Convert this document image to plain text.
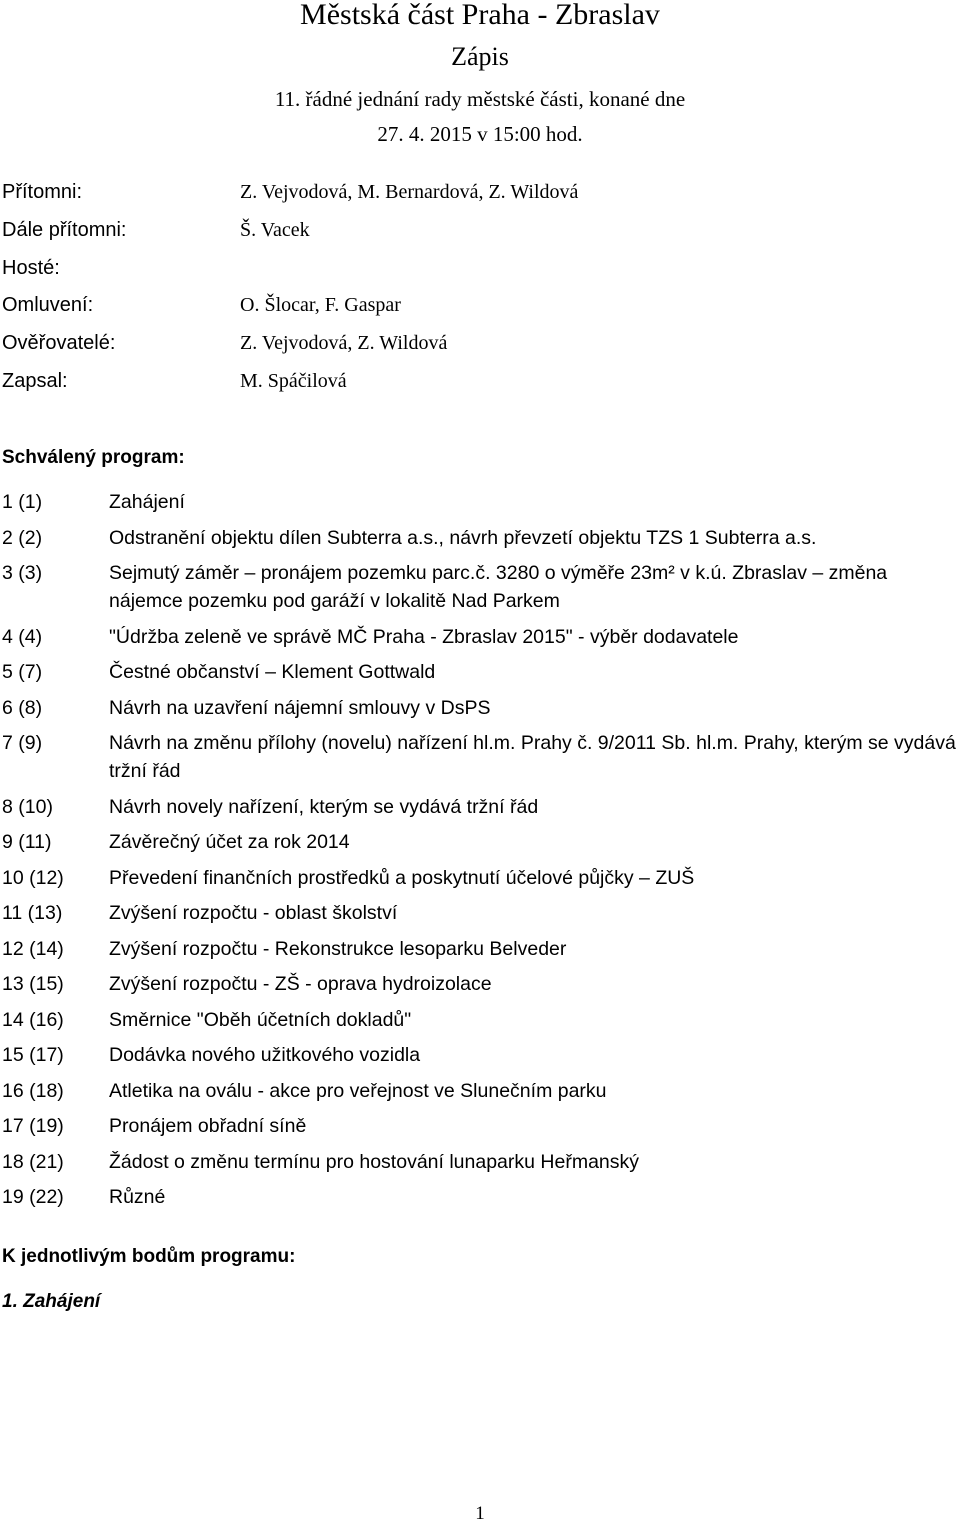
Městská část Praha - Zbraslav
Zápis
11. řádné jednání rady městské části, konané dne
27. 4. 2015 v 15:00 hod.
Přítomni:	Z. Vejvodová, M. Bernardová, Z. Wildová
Dále přítomni:	Š. Vacek
Hosté:
Omluvení:	O. Šlocar, F. Gaspar
Ověřovatelé:	Z. Vejvodová, Z. Wildová
Zapsal:	M. Spáčilová
Schválený program:
1 (1)	Zahájení
2 (2)	Odstranění objektu dílen Subterra a.s., návrh převzetí objektu TZS 1 Subterra a.s.
3 (3)	Sejmutý záměr – pronájem pozemku parc.č. 3280 o výměře 23m² v k.ú. Zbraslav – změna nájemce pozemku pod garáží v lokalitě Nad Parkem
4 (4)	"Údržba zeleně ve správě MČ Praha - Zbraslav 2015" - výběr dodavatele
5 (7)	Čestné občanství – Klement Gottwald
6 (8)	Návrh na uzavření nájemní smlouvy v DsPS
7 (9)	Návrh na změnu přílohy (novelu) nařízení hl.m. Prahy č. 9/2011 Sb. hl.m. Prahy, kterým se vydává tržní řád
8 (10)	Návrh novely nařízení, kterým se vydává tržní řád
9 (11)	Závěrečný účet za rok 2014
10 (12)	Převedení finančních prostředků a poskytnutí účelové půjčky – ZUŠ
11 (13)	Zvýšení rozpočtu - oblast školství
12 (14)	Zvýšení rozpočtu - Rekonstrukce lesoparku Belveder
13 (15)	Zvýšení rozpočtu - ZŠ - oprava hydroizolace
14 (16)	Směrnice "Oběh účetních dokladů"
15 (17)	Dodávka nového užitkového vozidla
16 (18)	Atletika na oválu - akce pro veřejnost ve Slunečním parku
17 (19)	Pronájem obřadní síně
18 (21)	Žádost o změnu termínu pro hostování lunaparku Heřmanský
19 (22)	Různé
K jednotlivým bodům programu:
1. Zahájení
1
